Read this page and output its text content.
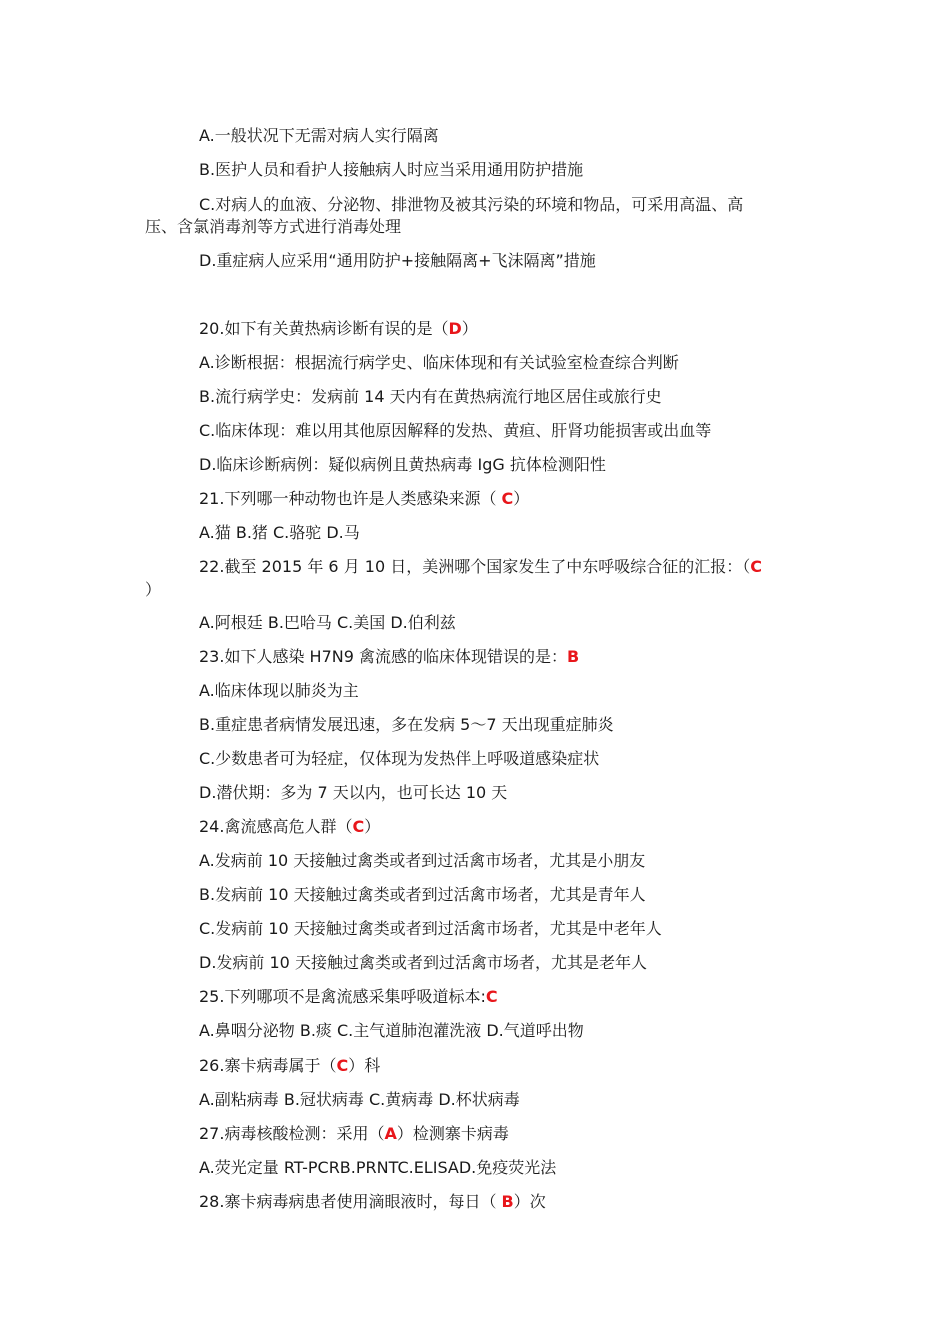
A.一般状况下无需对病人实行隔离
B.医护人员和看护人接触病人时应当采用通用防护措施
C.对病人的血液、分泌物、排泄物及被其污染的环境和物品，可采用高温、高
压、含氯消毒剂等方式进行消毒处理
D.重症病人应采用“通用防护+接触隔离+飞沫隔离”措施
20.如下有关黄热病诊断有误的是（D）
A.诊断根据：根据流行病学史、临床体现和有关试验室检查综合判断
B.流行病学史：发病前 14 天内有在黄热病流行地区居住或旅行史
C.临床体现：难以用其他原因解释的发热、黄疸、肝肾功能损害或出血等
D.临床诊断病例：疑似病例且黄热病毒 IgG 抗体检测阳性
21.下列哪一种动物也许是人类感染来源（ C）
A.猫 B.猪 C.骆驼 D.马
22.截至 2015 年 6 月 10 日，美洲哪个国家发生了中东呼吸综合征的汇报：（C
）
A.阿根廷 B.巴哈马 C.美国 D.伯利兹
23.如下人感染 H7N9 禽流感的临床体现错误的是：B
A.临床体现以肺炎为主
B.重症患者病情发展迅速，多在发病 5～7 天出现重症肺炎
C.少数患者可为轻症，仅体现为发热伴上呼吸道感染症状
D.潜伏期：多为 7 天以内，也可长达 10 天
24.禽流感高危人群（C）
A.发病前 10 天接触过禽类或者到过活禽市场者，尤其是小朋友
B.发病前 10 天接触过禽类或者到过活禽市场者，尤其是青年人
C.发病前 10 天接触过禽类或者到过活禽市场者，尤其是中老年人
D.发病前 10 天接触过禽类或者到过活禽市场者，尤其是老年人
25.下列哪项不是禽流感采集呼吸道标本:C
A.鼻咽分泌物 B.痰 C.主气道肺泡灌洗液 D.气道呼出物
26.寨卡病毒属于（C）科
A.副粘病毒 B.冠状病毒 C.黄病毒 D.杯状病毒
27.病毒核酸检测：采用（A）检测寨卡病毒
A.荧光定量 RT-PCRB.PRNTC.ELISAD.免疫荧光法
28.寨卡病毒病患者使用滴眼液时，每日（ B）次
